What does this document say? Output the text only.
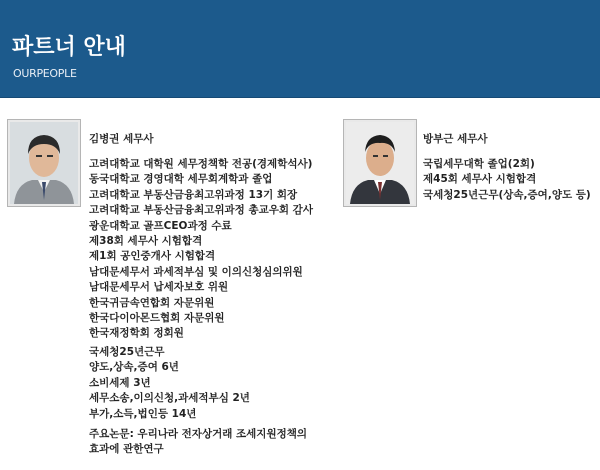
파트너 안내
OURPEOPLE
김병권 세무사	방부근 세무사
고려대학교 대학원 세무정책학 전공(경제학석사)
동국대학교 경영대학 세무회계학과 졸업
고려대학교 부동산금융최고위과정 13기 회장
고려대학교 부동산금융최고위과정 총교우회 감사
광운대학교 골프CEO과정 수료
제38회 세무사 시험합격
제1회 공인중개사 시험합격
남대문세무서 과세적부심 및 이의신청심의위원
남대문세무서 납세자보호 위원
한국귀금속연합회 자문위원
한국다이아몬드협회 자문위원
한국재정학회 정회원
국세청25년근무
양도,상속,증여 6년
소비세제 3년
세무소송,이의신청,과세적부심 2년
부가,소득,법인등 14년
주요논문: 우리나라 전자상거래 조세지원정책의
효과에 관한연구
국립세무대학 졸업(2회)
제45회 세무사 시험합격
국세청25년근무(상속,증여,양도 등)
